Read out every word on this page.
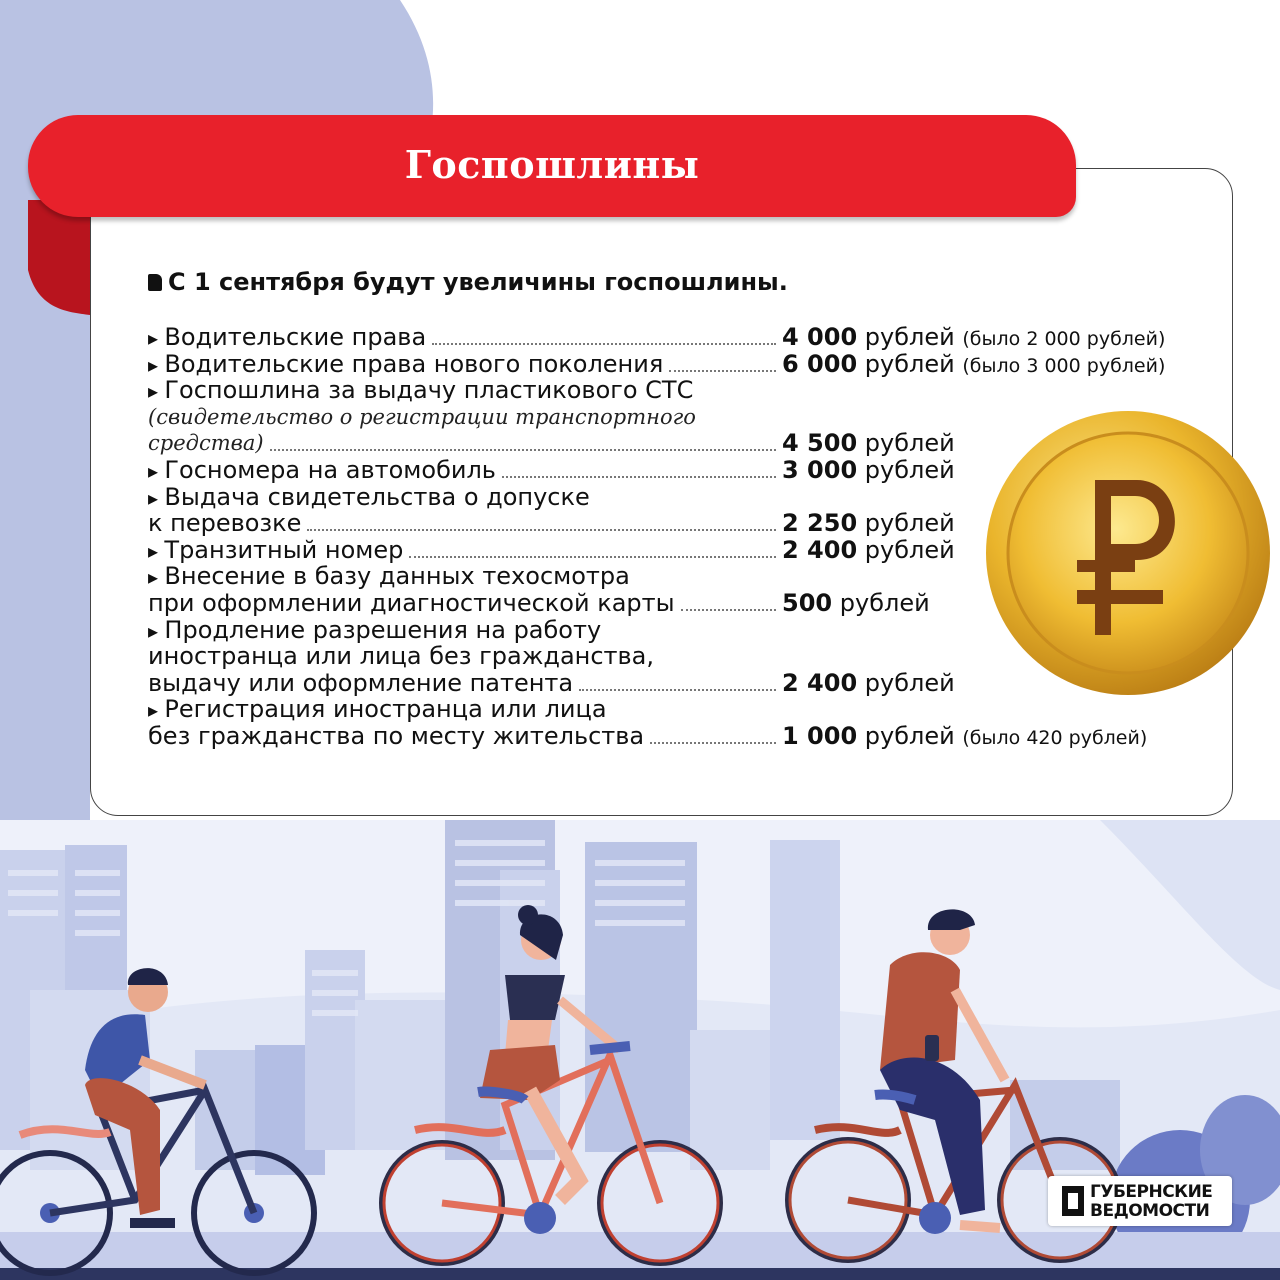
Госпошлины
С 1 сентября будут увеличины госпошлины.
▸ Водительские права	4 000 рублей (было 2 000 рублей)
▸ Водительские права нового поколения	6 000 рублей (было 3 000 рублей)
▸ Госпошлина за выдачу пластикового СТС
(свидетельство о регистрации транспортного
средства)	4 500 рублей
▸ Госномера на автомобиль	3 000 рублей
▸ Выдача свидетельства о допуске
к перевозке	2 250 рублей
▸ Транзитный номер	2 400 рублей
▸ Внесение в базу данных техосмотра
при оформлении диагностической карты	500 рублей
▸ Продление разрешения на работу
иностранца или лица без гражданства,
выдачу или оформление патента	2 400 рублей
▸ Регистрация иностранца или лица
без гражданства по месту жительства	1 000 рублей (было 420 рублей)
ГУБЕРНСКИЕ
ВЕДОМОСТИ
